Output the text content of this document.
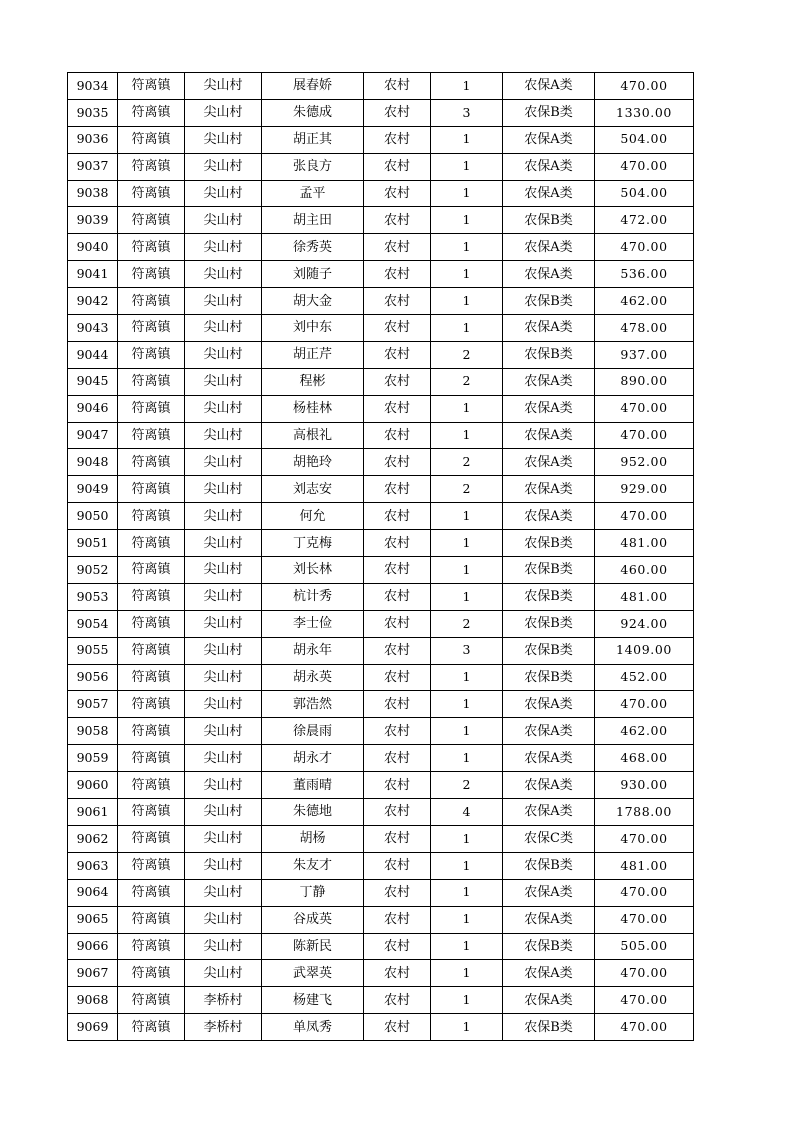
9034	符离镇	尖山村	展春娇	农村	1	农保A类	470.00
9035	符离镇	尖山村	朱德成	农村	3	农保B类	1330.00
9036	符离镇	尖山村	胡正其	农村	1	农保A类	504.00
9037	符离镇	尖山村	张良方	农村	1	农保A类	470.00
9038	符离镇	尖山村	孟平	农村	1	农保A类	504.00
9039	符离镇	尖山村	胡主田	农村	1	农保B类	472.00
9040	符离镇	尖山村	徐秀英	农村	1	农保A类	470.00
9041	符离镇	尖山村	刘随子	农村	1	农保A类	536.00
9042	符离镇	尖山村	胡大金	农村	1	农保B类	462.00
9043	符离镇	尖山村	刘中东	农村	1	农保A类	478.00
9044	符离镇	尖山村	胡正芹	农村	2	农保B类	937.00
9045	符离镇	尖山村	程彬	农村	2	农保A类	890.00
9046	符离镇	尖山村	杨桂林	农村	1	农保A类	470.00
9047	符离镇	尖山村	高根礼	农村	1	农保A类	470.00
9048	符离镇	尖山村	胡艳玲	农村	2	农保A类	952.00
9049	符离镇	尖山村	刘志安	农村	2	农保A类	929.00
9050	符离镇	尖山村	何允	农村	1	农保A类	470.00
9051	符离镇	尖山村	丁克梅	农村	1	农保B类	481.00
9052	符离镇	尖山村	刘长林	农村	1	农保B类	460.00
9053	符离镇	尖山村	杭计秀	农村	1	农保B类	481.00
9054	符离镇	尖山村	李士俭	农村	2	农保B类	924.00
9055	符离镇	尖山村	胡永年	农村	3	农保B类	1409.00
9056	符离镇	尖山村	胡永英	农村	1	农保B类	452.00
9057	符离镇	尖山村	郭浩然	农村	1	农保A类	470.00
9058	符离镇	尖山村	徐晨雨	农村	1	农保A类	462.00
9059	符离镇	尖山村	胡永才	农村	1	农保A类	468.00
9060	符离镇	尖山村	董雨晴	农村	2	农保A类	930.00
9061	符离镇	尖山村	朱德地	农村	4	农保A类	1788.00
9062	符离镇	尖山村	胡杨	农村	1	农保C类	470.00
9063	符离镇	尖山村	朱友才	农村	1	农保B类	481.00
9064	符离镇	尖山村	丁静	农村	1	农保A类	470.00
9065	符离镇	尖山村	谷成英	农村	1	农保A类	470.00
9066	符离镇	尖山村	陈新民	农村	1	农保B类	505.00
9067	符离镇	尖山村	武翠英	农村	1	农保A类	470.00
9068	符离镇	李桥村	杨建飞	农村	1	农保A类	470.00
9069	符离镇	李桥村	单凤秀	农村	1	农保B类	470.00
